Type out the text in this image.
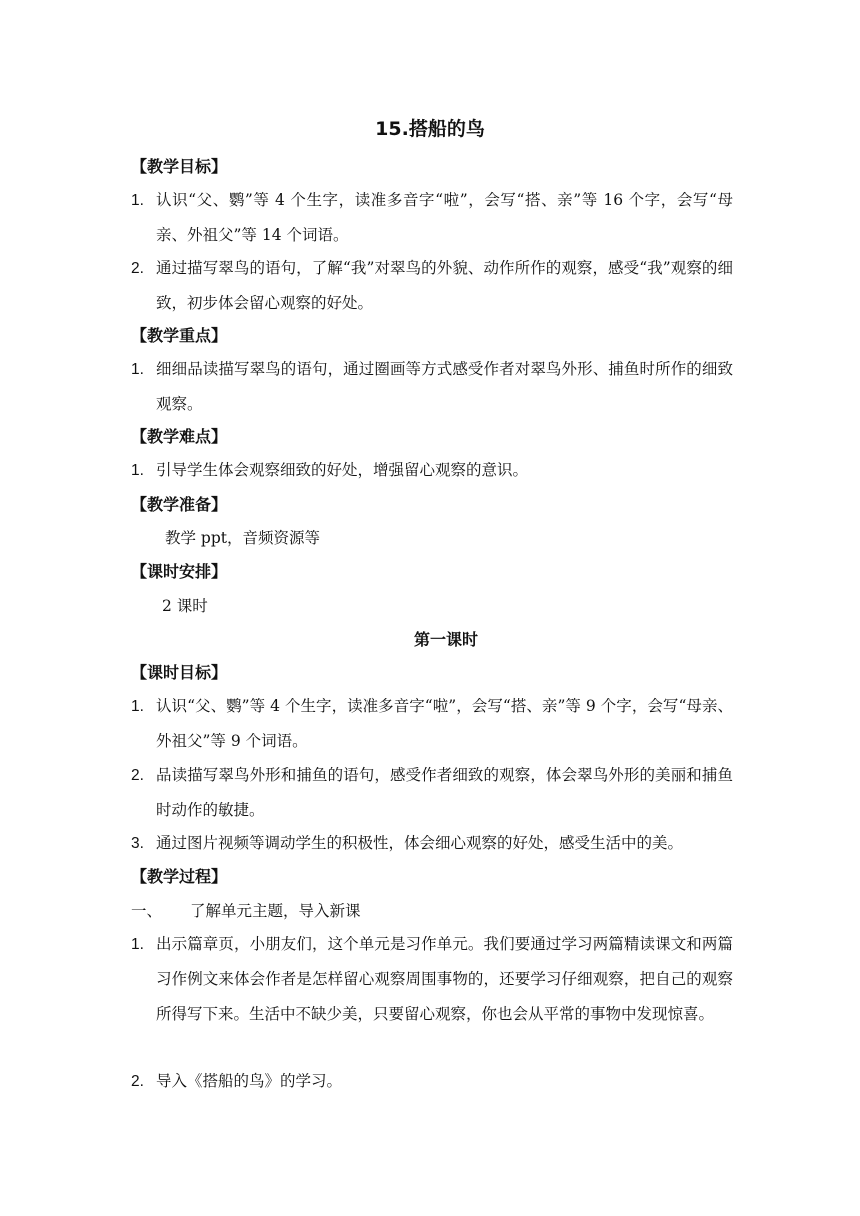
15.搭船的鸟
【教学目标】
1. 认识“父、鹦”等 4 个生字，读准多音字“啦”，会写“搭、亲”等 16 个字，会写“母亲、外祖父”等 14 个词语。
2. 通过描写翠鸟的语句，了解“我”对翠鸟的外貌、动作所作的观察，感受“我”观察的细致，初步体会留心观察的好处。
【教学重点】
1. 细细品读描写翠鸟的语句，通过圈画等方式感受作者对翠鸟外形、捕鱼时所作的细致观察。
【教学难点】
1. 引导学生体会观察细致的好处，增强留心观察的意识。
【教学准备】
教学 ppt，音频资源等
【课时安排】
2 课时
第一课时
【课时目标】
1. 认识“父、鹦”等 4 个生字，读准多音字“啦”，会写“搭、亲”等 9 个字，会写“母亲、外祖父”等 9 个词语。
2. 品读描写翠鸟外形和捕鱼的语句，感受作者细致的观察，体会翠鸟外形的美丽和捕鱼时动作的敏捷。
3. 通过图片视频等调动学生的积极性，体会细心观察的好处，感受生活中的美。
【教学过程】
一、 了解单元主题，导入新课
1. 出示篇章页，小朋友们，这个单元是习作单元。我们要通过学习两篇精读课文和两篇习作例文来体会作者是怎样留心观察周围事物的，还要学习仔细观察，把自己的观察所得写下来。生活中不缺少美，只要留心观察，你也会从平常的事物中发现惊喜。
2. 导入《搭船的鸟》的学习。
